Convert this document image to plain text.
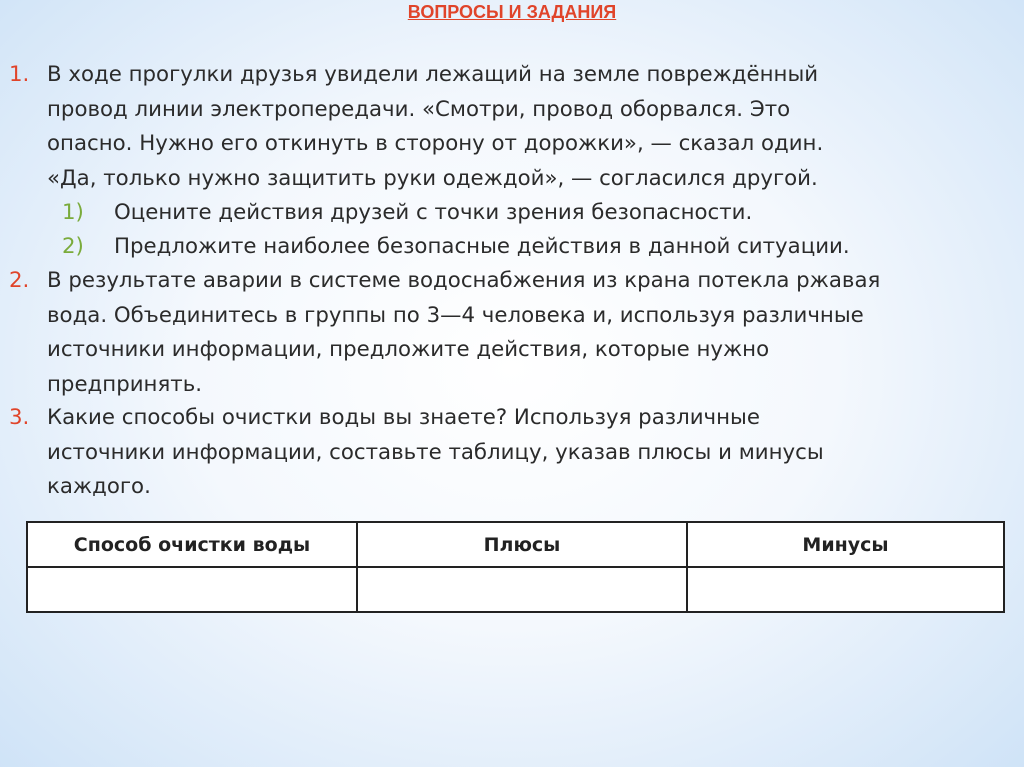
ВОПРОСЫ И ЗАДАНИЯ
1. В ходе прогулки друзья увидели лежащий на земле повреждённый
провод линии электропередачи. «Смотри, провод оборвался. Это
опасно. Нужно его откинуть в сторону от дорожки», — сказал один.
«Да, только нужно защитить руки одеждой», — согласился другой.
1)	Оцените действия друзей с точки зрения безопасности.
2)	Предложите наиболее безопасные действия в данной ситуации.
2. В результате аварии в системе водоснабжения из крана потекла ржавая
вода. Объединитесь в группы по 3—4 человека и, используя различные
источники информации, предложите действия, которые нужно
предпринять.
3. Какие способы очистки воды вы знаете? Используя различные
источники информации, составьте таблицу, указав плюсы и минусы
каждого.
Способ очистки воды	Плюсы	Минусы
